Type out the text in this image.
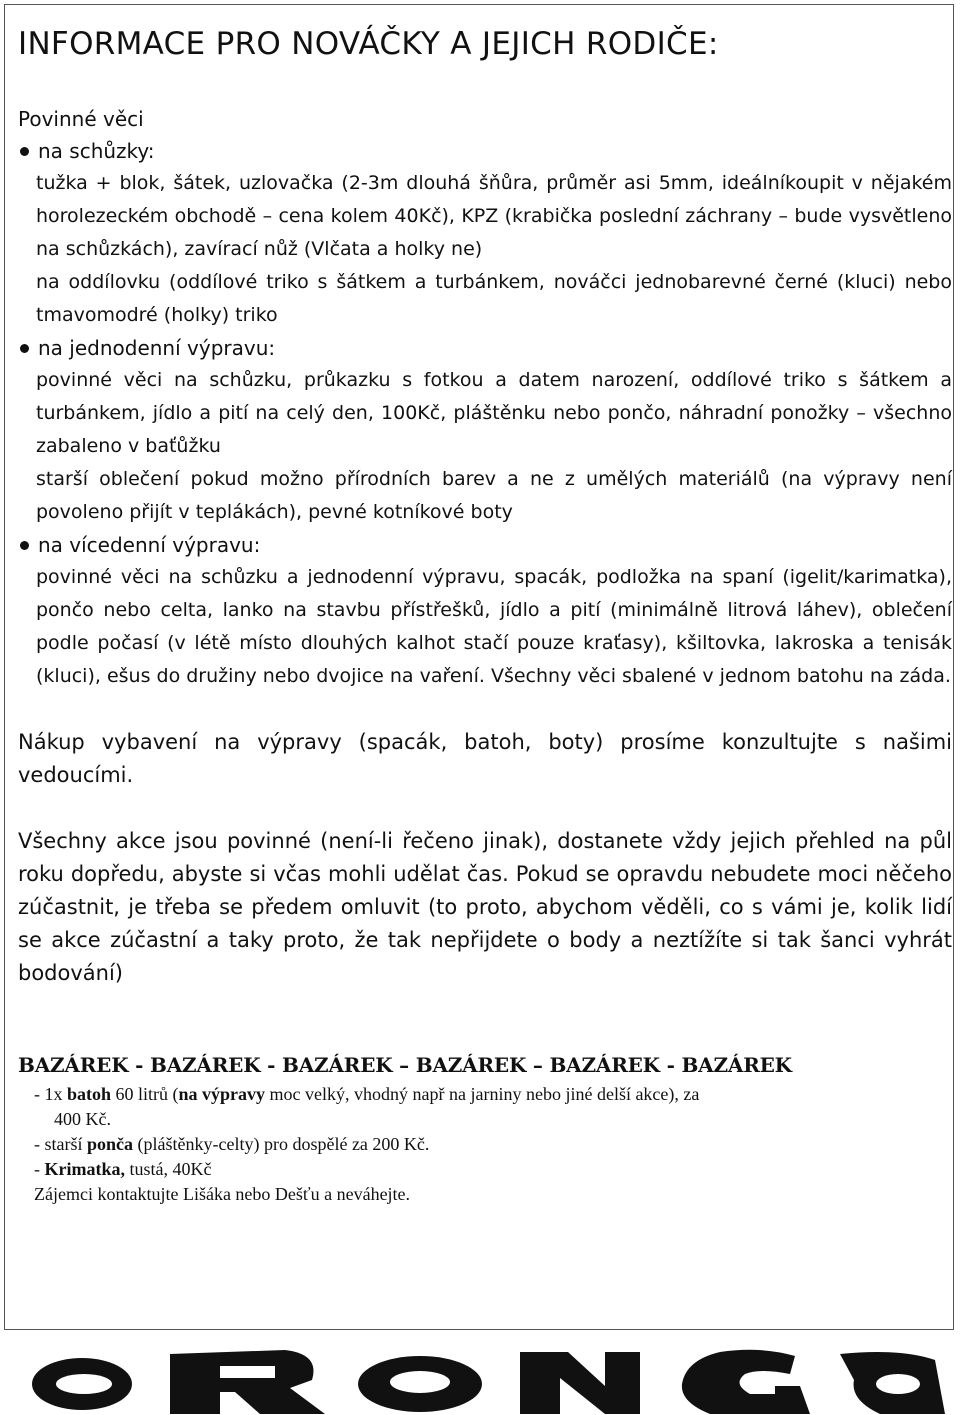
INFORMACE PRO NOVÁČKY A JEJICH RODIČE:

Povinné věci

na schůzky:

tužka + blok, šátek, uzlovačka (2-3m dlouhá šňůra, průměr asi 5mm, ideálníkoupit v nějakém horolezeckém obchodě – cena kolem 40Kč), KPZ (krabička poslední záchrany – bude vysvětleno na schůzkách), zavírací nůž (Vlčata a holky ne)

na oddílovku (oddílové triko s šátkem a turbánkem, nováčci jednobarevné černé (kluci) nebo tmavomodré (holky) triko

na jednodenní výpravu:

povinné věci na schůzku, průkazku s fotkou a datem narození, oddílové triko s šátkem a turbánkem, jídlo a pití na celý den, 100Kč, pláštěnku nebo pončo, náhradní ponožky – všechno zabaleno v baťůžku

starší oblečení pokud možno přírodních barev a ne z umělých materiálů (na výpravy není povoleno přijít v teplákách), pevné kotníkové boty

na vícedenní výpravu:

povinné věci na schůzku a jednodenní výpravu, spacák, podložka na spaní (igelit/karimatka), pončo nebo celta, lanko na stavbu přístřešků, jídlo a pití (minimálně litrová láhev), oblečení podle počasí (v létě místo dlouhých kalhot stačí pouze kraťasy), kšiltovka, lakroska a tenisák (kluci), ešus do družiny nebo dvojice na vaření. Všechny věci sbalené v jednom batohu na záda.

Nákup vybavení na výpravy (spacák, batoh, boty) prosíme konzultujte s našimi vedoucími.

Všechny akce jsou povinné (není-li řečeno jinak), dostanete vždy jejich přehled na půl roku dopředu, abyste si včas mohli udělat čas. Pokud se opravdu nebudete moci něčeho zúčastnit, je třeba se předem omluvit (to proto, abychom věděli, co s vámi je, kolik lidí se akce zúčastní a taky proto, že tak nepřijdete o body a neztížíte si tak šanci vyhrát bodování)

BAZÁREK - BAZÁREK - BAZÁREK – BAZÁREK – BAZÁREK - BAZÁREK

- 1x batoh 60 litrů (na výpravy moc velký, vhodný např na jarniny nebo jiné delší akce), za

400 Kč.

- starší ponča (pláštěnky-celty) pro dospělé za 200 Kč.

- Krimatka, tustá, 40Kč

Zájemci kontaktujte Lišáka nebo Dešťu a neváhejte.
